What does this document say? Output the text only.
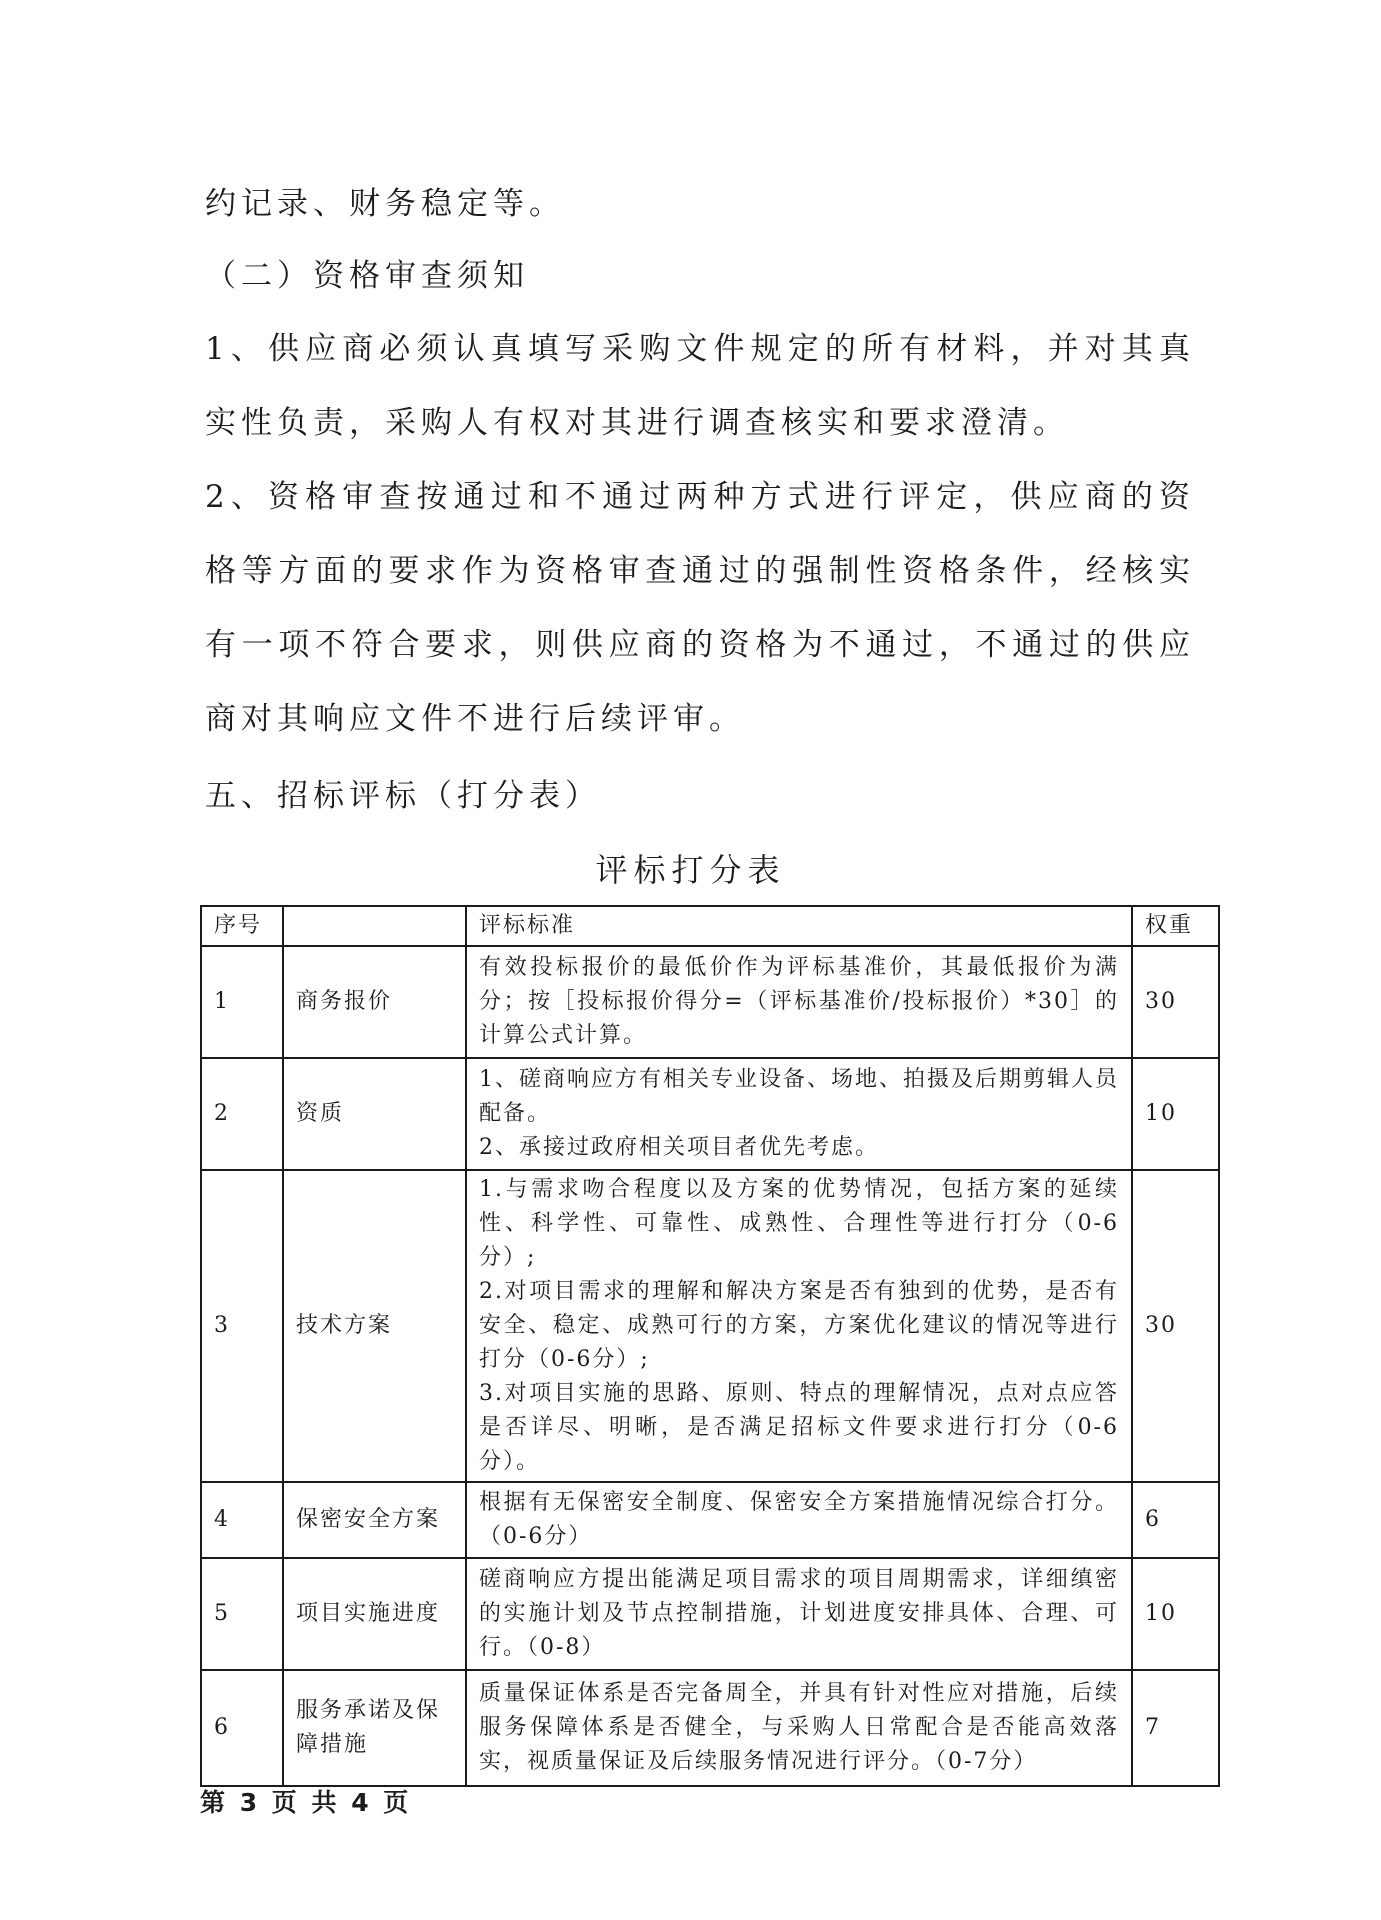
约记录、财务稳定等。

（二）资格审查须知

1、供应商必须认真填写采购文件规定的所有材料，并对其真实性负责，采购人有权对其进行调查核实和要求澄清。

2、资格审查按通过和不通过两种方式进行评定，供应商的资格等方面的要求作为资格审查通过的强制性资格条件，经核实有一项不符合要求，则供应商的资格为不通过，不通过的供应商对其响应文件不进行后续评审。

五、招标评标（打分表）

评标打分表
序号		评标标准	权重
1	商务报价	有效投标报价的最低价作为评标基准价，其最低报价为满分；按［投标报价得分=（评标基准价/投标报价）*30］的计算公式计算。	30
2	资质	1、磋商响应方有相关专业设备、场地、拍摄及后期剪辑人员配备。
2、承接过政府相关项目者优先考虑。	10
3	技术方案	1.与需求吻合程度以及方案的优势情况，包括方案的延续性、科学性、可靠性、成熟性、合理性等进行打分（0-6分）;
2.对项目需求的理解和解决方案是否有独到的优势，是否有安全、稳定、成熟可行的方案，方案优化建议的情况等进行打分（0-6分）;
3.对项目实施的思路、原则、特点的理解情况，点对点应答是否详尽、明晰，是否满足招标文件要求进行打分（0-6分）。	30
4	保密安全方案	根据有无保密安全制度、保密安全方案措施情况综合打分。（0-6分）	6
5	项目实施进度	磋商响应方提出能满足项目需求的项目周期需求，详细缜密的实施计划及节点控制措施，计划进度安排具体、合理、可行。（0-8）	10
6	服务承诺及保障措施	质量保证体系是否完备周全，并具有针对性应对措施，后续服务保障体系是否健全，与采购人日常配合是否能高效落实，视质量保证及后续服务情况进行评分。（0-7分）	7
第 3 页 共 4 页
